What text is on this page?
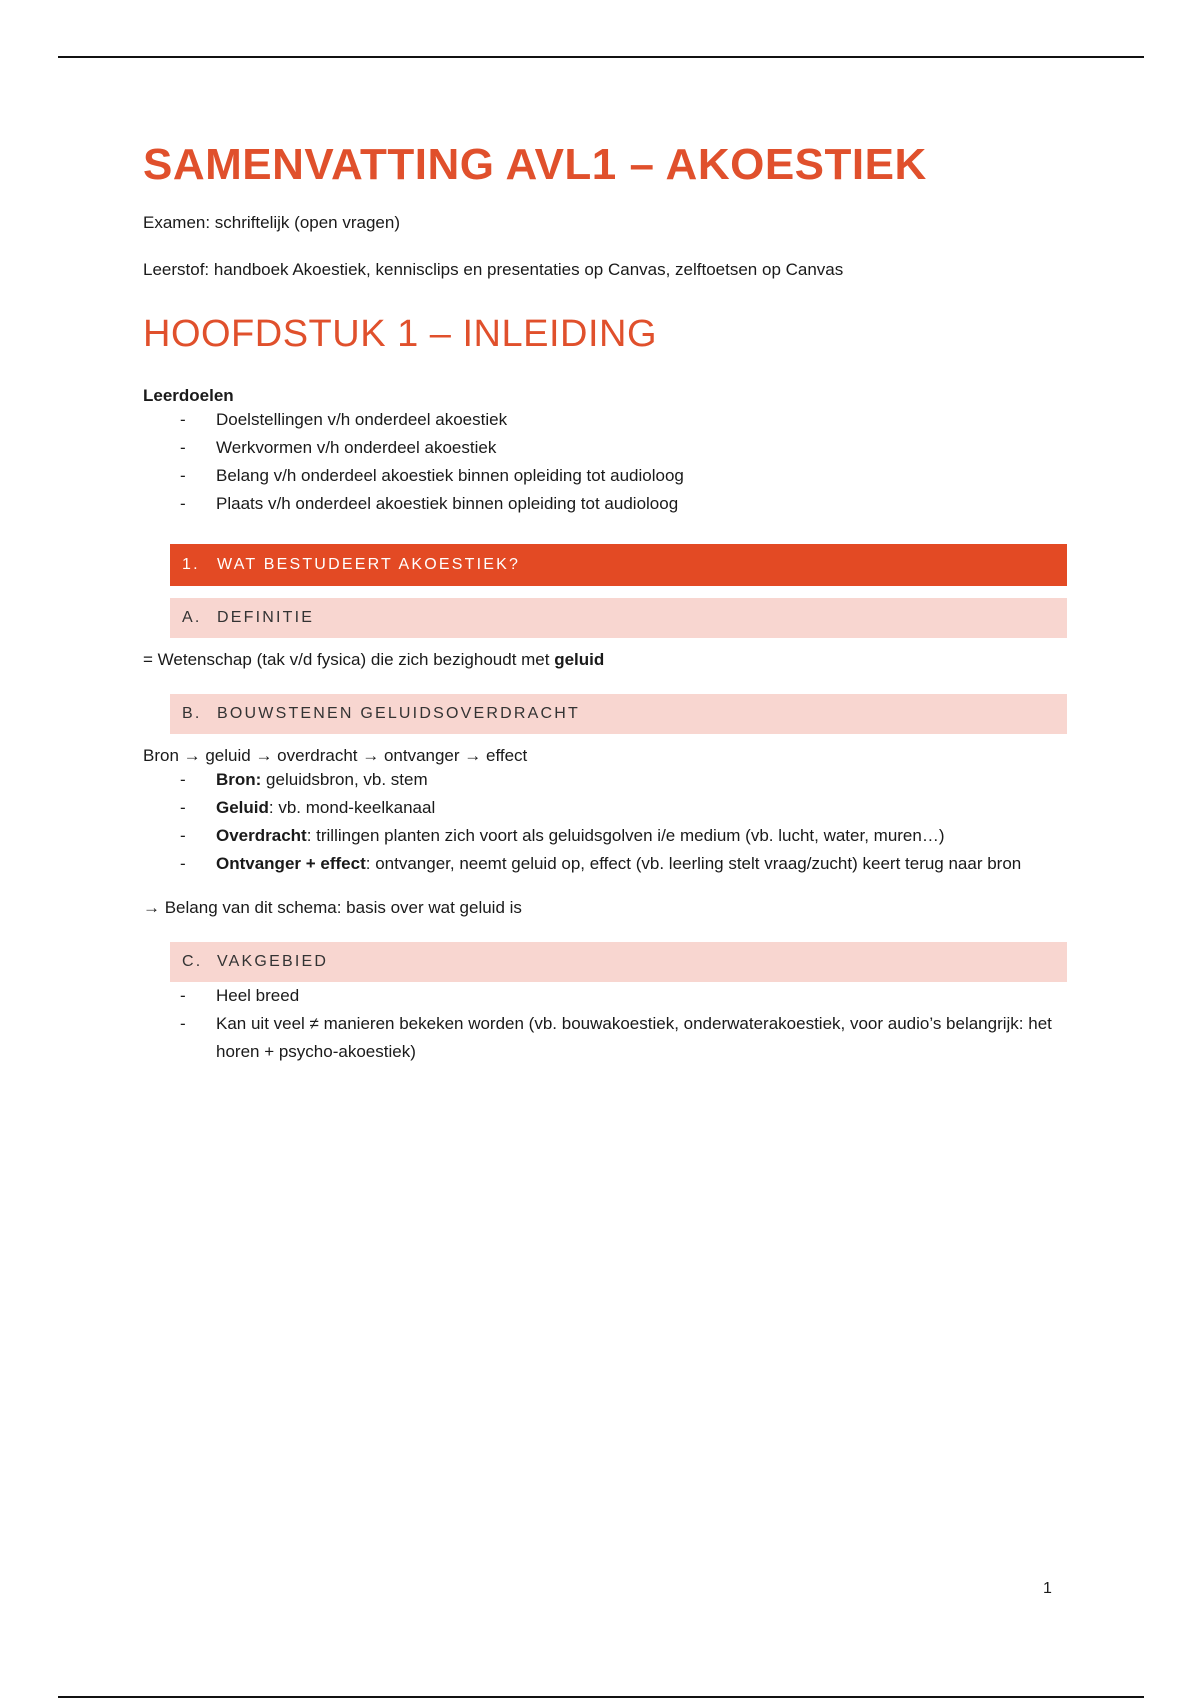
SAMENVATTING AVL1 – AKOESTIEK

Examen: schriftelijk (open vragen)

Leerstof: handboek Akoestiek, kennisclips en presentaties op Canvas, zelftoetsen op Canvas

HOOFDSTUK 1 – INLEIDING

Leerdoelen

- Doelstellingen v/h onderdeel akoestiek
- Werkvormen v/h onderdeel akoestiek
- Belang v/h onderdeel akoestiek binnen opleiding tot audioloog
- Plaats v/h onderdeel akoestiek binnen opleiding tot audioloog
1.	WAT BESTUDEERT AKOESTIEK?
A. DEFINITIE

= Wetenschap (tak v/d fysica) die zich bezighoudt met geluid

B. BOUWSTENEN GELUIDSOVERDRACHT

Bron → geluid → overdracht → ontvanger → effect

- Bron: geluidsbron, vb. stem
- Geluid: vb. mond-keelkanaal
- Overdracht: trillingen planten zich voort als geluidsgolven i/e medium (vb. lucht, water, muren…)
- Ontvanger + effect: ontvanger, neemt geluid op, effect (vb. leerling stelt vraag/zucht) keert terug naar bron

→ Belang van dit schema: basis over wat geluid is

C. VAKGEBIED
- Heel breed
- Kan uit veel ≠ manieren bekeken worden (vb. bouwakoestiek, onderwaterakoestiek, voor audio’s belangrijk: het horen + psycho-akoestiek)
1
